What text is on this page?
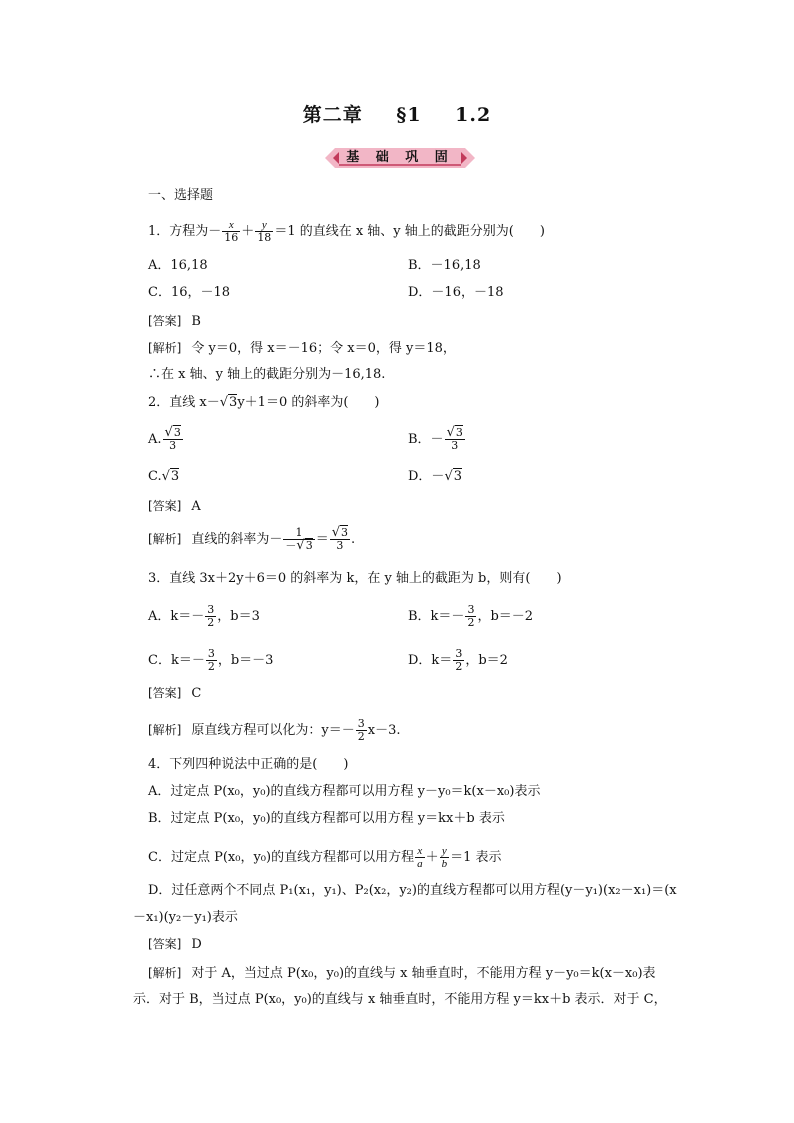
第二章 §1 1.2
基 础 巩 固
一、选择题
1．方程为－ $\frac{x}{16} + \frac{y}{18} =1$ 的直线在 x 轴、y 轴上的截距分别为(　　)
A．16,18	B．－16,18
C．16，－18	D．－16，－18
[答案] B
[解析] 令 y＝0，得 x＝－16；令 x＝0，得 y＝18，
∴在 x 轴、y 轴上的截距分别为－16,18.
2．直线 x－√3y＋1＝0 的斜率为(　　)
A. $\frac{√3}{3}$	B．－ $\frac{√3}{3}$
C.√3	D．－√3
[答案] A
[解析] 直线的斜率为－ $\frac{1}{-√3} = \frac{√3}{3}$ .
3．直线 3x＋2y＋6＝0 的斜率为 k，在 y 轴上的截距为 b，则有(　　)
A．$k=- \frac{3}{2}$ ，b＝3	B．$k=- \frac{3}{2}$ ，b＝－2
C．$k=- \frac{3}{2}$ ，b＝－3	D．$k= \frac{3}{2}$ ，b＝2
[答案] C
[解析] 原直线方程可以化为：$y=- \frac{3}{2} x-3$.
4．下列四种说法中正确的是(　　)
A．过定点 P(x₀，y₀)的直线方程都可以用方程 y－y₀＝k(x－x₀)表示
B．过定点 P(x₀，y₀)的直线方程都可以用方程 y＝kx＋b 表示
C．过定点 P(x₀，y₀)的直线方程都可以用方程 $\frac{x}{a} + \frac{y}{b} =1$ 表示
D．过任意两个不同点 P₁(x₁，y₁)、P₂(x₂，y₂)的直线方程都可以用方程(y－y₁)(x₂－x₁)＝(x
－x₁)(y₂－y₁)表示
[答案] D
[解析] 对于 A，当过点 P(x₀，y₀)的直线与 x 轴垂直时，不能用方程 y－y₀＝k(x－x₀)表
示．对于 B，当过点 P(x₀，y₀)的直线与 x 轴垂直时，不能用方程 y＝kx＋b 表示．对于 C，
